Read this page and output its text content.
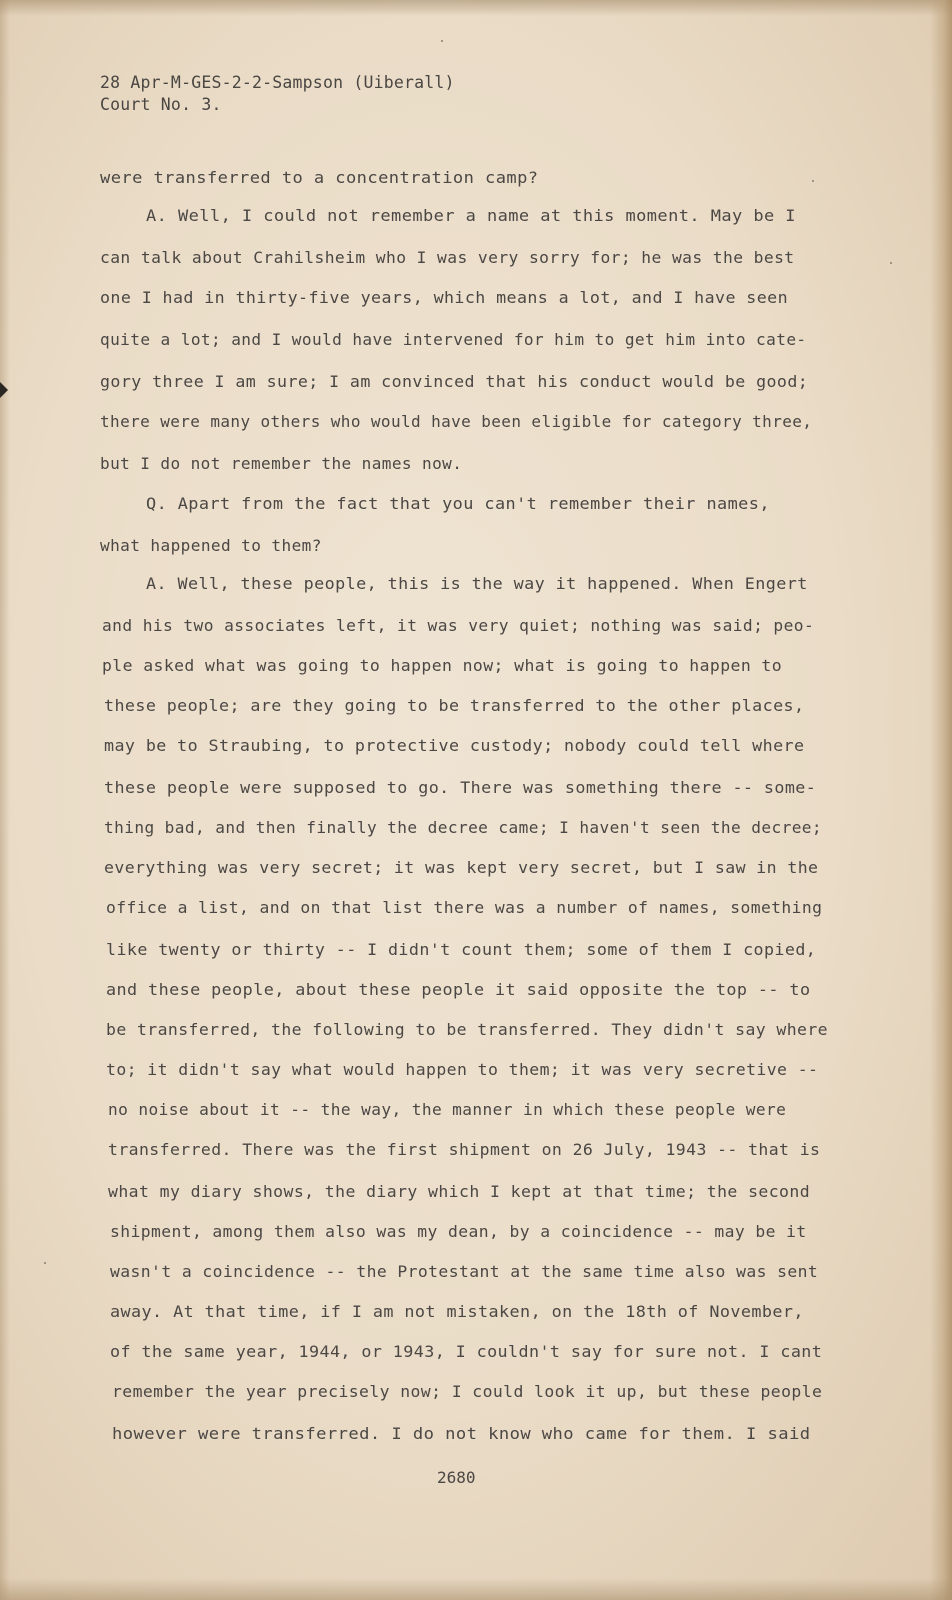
28 Apr-M-GES-2-2-Sampson (Uiberall)
Court No. 3.
were transferred to a concentration camp?
A. Well, I could not remember a name at this moment. May be I
can talk about Crahilsheim who I was very sorry for; he was the best
one I had in thirty-five years, which means a lot, and I have seen
quite a lot; and I would have intervened for him to get him into cate-
gory three I am sure; I am convinced that his conduct would be good;
there were many others who would have been eligible for category three,
but I do not remember the names now.
Q. Apart from the fact that you can't remember their names,
what happened to them?
A. Well, these people, this is the way it happened. When Engert
and his two associates left, it was very quiet; nothing was said; peo-
ple asked what was going to happen now; what is going to happen to
these people; are they going to be transferred to the other places,
may be to Straubing, to protective custody; nobody could tell where
these people were supposed to go. There was something there -- some-
thing bad, and then finally the decree came; I haven't seen the decree;
everything was very secret; it was kept very secret, but I saw in the
office a list, and on that list there was a number of names, something
like twenty or thirty -- I didn't count them; some of them I copied,
and these people, about these people it said opposite the top -- to
be transferred, the following to be transferred. They didn't say where
to; it didn't say what would happen to them; it was very secretive --
no noise about it -- the way, the manner in which these people were
transferred. There was the first shipment on 26 July, 1943 -- that is
what my diary shows, the diary which I kept at that time; the second
shipment, among them also was my dean, by a coincidence -- may be it
wasn't a coincidence -- the Protestant at the same time also was sent
away. At that time, if I am not mistaken, on the 18th of November,
of the same year, 1944, or 1943, I couldn't say for sure not. I cant
remember the year precisely now; I could look it up, but these people
however were transferred. I do not know who came for them. I said
2680
